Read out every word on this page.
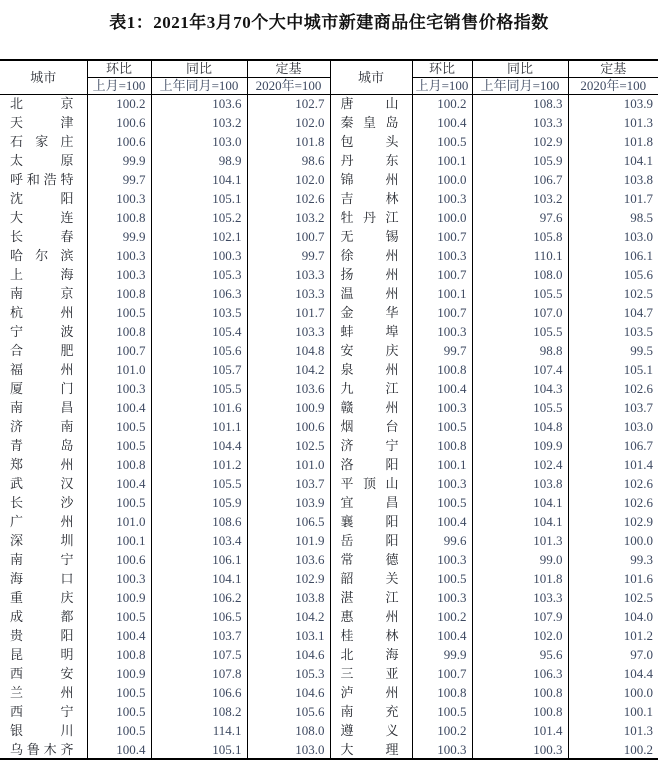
表1：2021年3月70个大中城市新建商品住宅销售价格指数
城市	环比	同比	定基	城市	环比	同比	定基
	上月=100	上年同月=100	2020年=100		上月=100	上年同月=100	2020年=100

北京	100.2	103.6	102.7	唐山	100.2	108.3	103.9

天津	100.6	103.2	102.0	秦皇岛	100.4	103.3	101.3

石家庄	100.6	103.0	101.8	包头	100.5	102.9	101.8

太原	99.9	98.9	98.6	丹东	100.1	105.9	104.1

呼和浩特	99.7	104.1	102.0	锦州	100.0	106.7	103.8

沈阳	100.3	105.1	102.6	吉林	100.3	103.2	101.7

大连	100.8	105.2	103.2	牡丹江	100.0	97.6	98.5

长春	99.9	102.1	100.7	无锡	100.7	105.8	103.0

哈尔滨	100.3	100.3	99.7	徐州	100.3	110.1	106.1

上海	100.3	105.3	103.3	扬州	100.7	108.0	105.6

南京	100.8	106.3	103.3	温州	100.1	105.5	102.5

杭州	100.5	103.5	101.7	金华	100.7	107.0	104.7

宁波	100.8	105.4	103.3	蚌埠	100.3	105.5	103.5

合肥	100.7	105.6	104.8	安庆	99.7	98.8	99.5

福州	101.0	105.7	104.2	泉州	100.8	107.4	105.1

厦门	100.3	105.5	103.6	九江	100.4	104.3	102.6

南昌	100.4	101.6	100.9	赣州	100.3	105.5	103.7

济南	100.5	101.1	100.6	烟台	100.5	104.8	103.0

青岛	100.5	104.4	102.5	济宁	100.8	109.9	106.7

郑州	100.8	101.2	101.0	洛阳	100.1	102.4	101.4

武汉	100.4	105.5	103.7	平顶山	100.3	103.8	102.6

长沙	100.5	105.9	103.9	宜昌	100.5	104.1	102.6

广州	101.0	108.6	106.5	襄阳	100.4	104.1	102.9

深圳	100.1	103.4	101.9	岳阳	99.6	101.3	100.0

南宁	100.6	106.1	103.6	常德	100.3	99.0	99.3

海口	100.3	104.1	102.9	韶关	100.5	101.8	101.6

重庆	100.9	106.2	103.8	湛江	100.3	103.3	102.5

成都	100.5	106.5	104.2	惠州	100.2	107.9	104.0

贵阳	100.4	103.7	103.1	桂林	100.4	102.0	101.2

昆明	100.8	107.5	104.6	北海	99.9	95.6	97.0

西安	100.9	107.8	105.3	三亚	100.7	106.3	104.4

兰州	100.5	106.6	104.6	泸州	100.8	100.8	100.0

西宁	100.5	108.2	105.6	南充	100.5	100.8	100.1

银川	100.5	114.1	108.0	遵义	100.2	101.4	101.3

乌鲁木齐	100.4	105.1	103.0	大理	100.3	100.3	100.2
